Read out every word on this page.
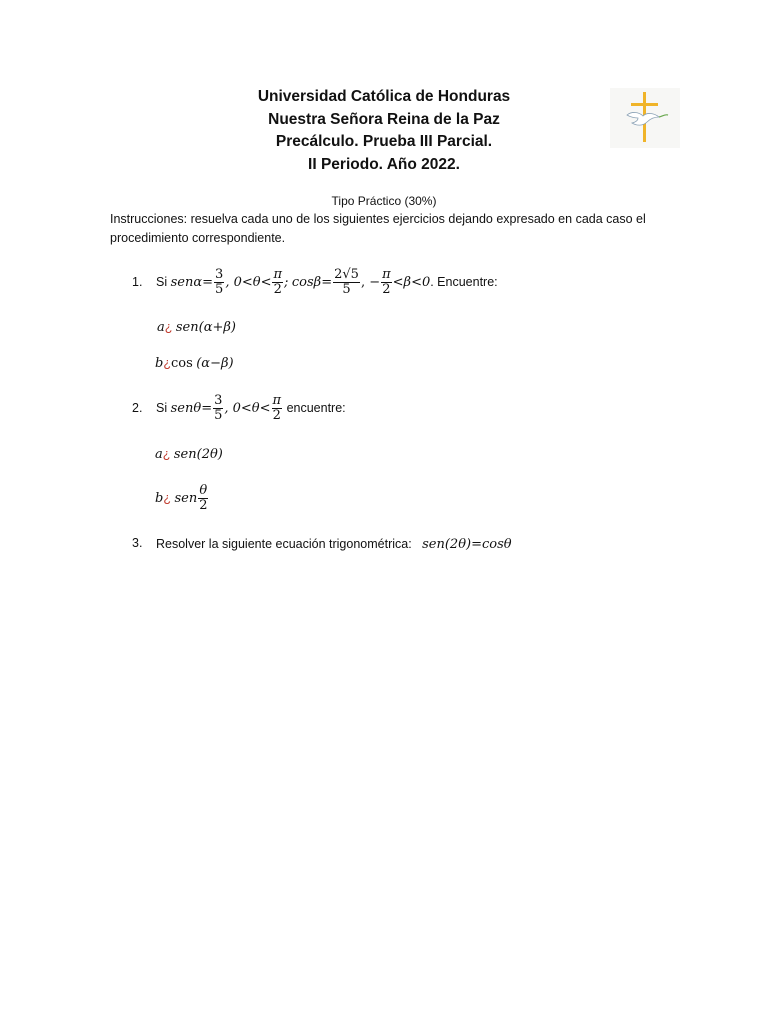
Universidad Católica de Honduras
Nuestra Señora Reina de la Paz
Precálculo. Prueba III Parcial.
II Periodo. Año 2022.
Tipo Práctico (30%)
Instrucciones: resuelva cada uno de los siguientes ejercicios dejando expresado en cada caso el procedimiento correspondiente.
1. Si
$sen\alpha = \frac{3}{5}$ , $0<\theta< \frac{\pi}{2}$ ;
$\cos\beta = \frac{2√5}{5}$ , − $\frac{\pi}{2} <\beta<0$ . Encuentre:
a ¿
sen(α+β)
b ¿ cos
(α−β)
2. Si
$sen\theta = \frac{3}{5}$ , $0<\theta< \frac{\pi}{2}$
encuentre:
a ¿
sen(2θ)
b ¿
sen $\frac{\theta}{2}$
3. Resolver la siguiente ecuación trigonométrica:
sen(2θ)=cosθ
